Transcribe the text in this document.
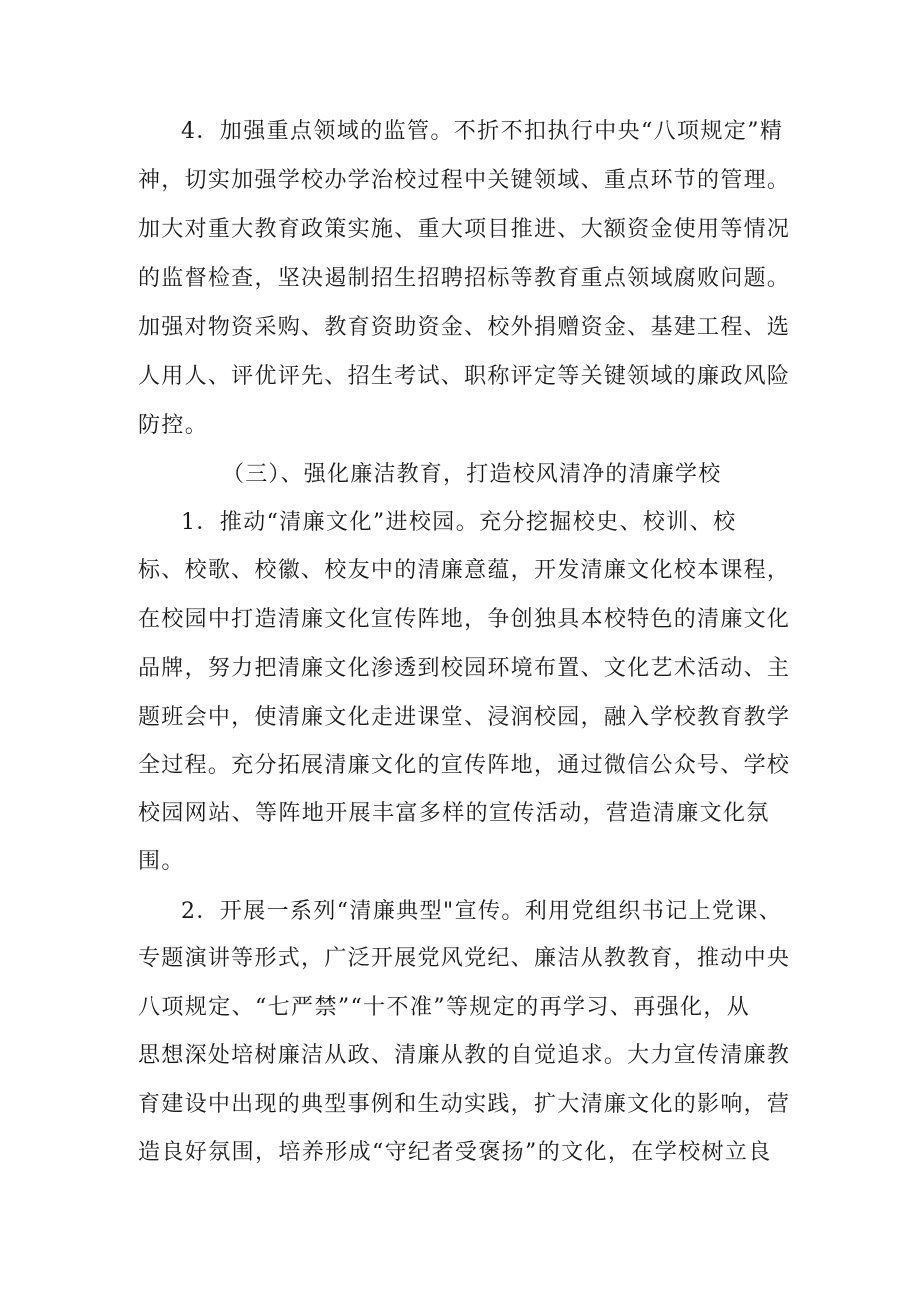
4．加强重点领域的监管。不折不扣执行中央“八项规定”精
神，切实加强学校办学治校过程中关键领域、重点环节的管理。
加大对重大教育政策实施、重大项目推进、大额资金使用等情况
的监督检查，坚决遏制招生招聘招标等教育重点领域腐败问题。
加强对物资采购、教育资助资金、校外捐赠资金、基建工程、选
人用人、评优评先、招生考试、职称评定等关键领域的廉政风险
防控。
（三）、强化廉洁教育，打造校风清净的清廉学校
1．推动“清廉文化”进校园。充分挖掘校史、校训、校
标、校歌、校徽、校友中的清廉意蕴，开发清廉文化校本课程，
在校园中打造清廉文化宣传阵地，争创独具本校特色的清廉文化
品牌，努力把清廉文化渗透到校园环境布置、文化艺术活动、主
题班会中，使清廉文化走进课堂、浸润校园，融入学校教育教学
全过程。充分拓展清廉文化的宣传阵地，通过微信公众号、学校
校园网站、等阵地开展丰富多样的宣传活动，营造清廉文化氛
围。
2．开展一系列“清廉典型"宣传。利用党组织书记上党课、
专题演讲等形式，广泛开展党风党纪、廉洁从教教育，推动中央
八项规定、“七严禁”“十不准”等规定的再学习、再强化，从
思想深处培树廉洁从政、清廉从教的自觉追求。大力宣传清廉教
育建设中出现的典型事例和生动实践，扩大清廉文化的影响，营
造良好氛围，培养形成“守纪者受褒扬”的文化，在学校树立良
